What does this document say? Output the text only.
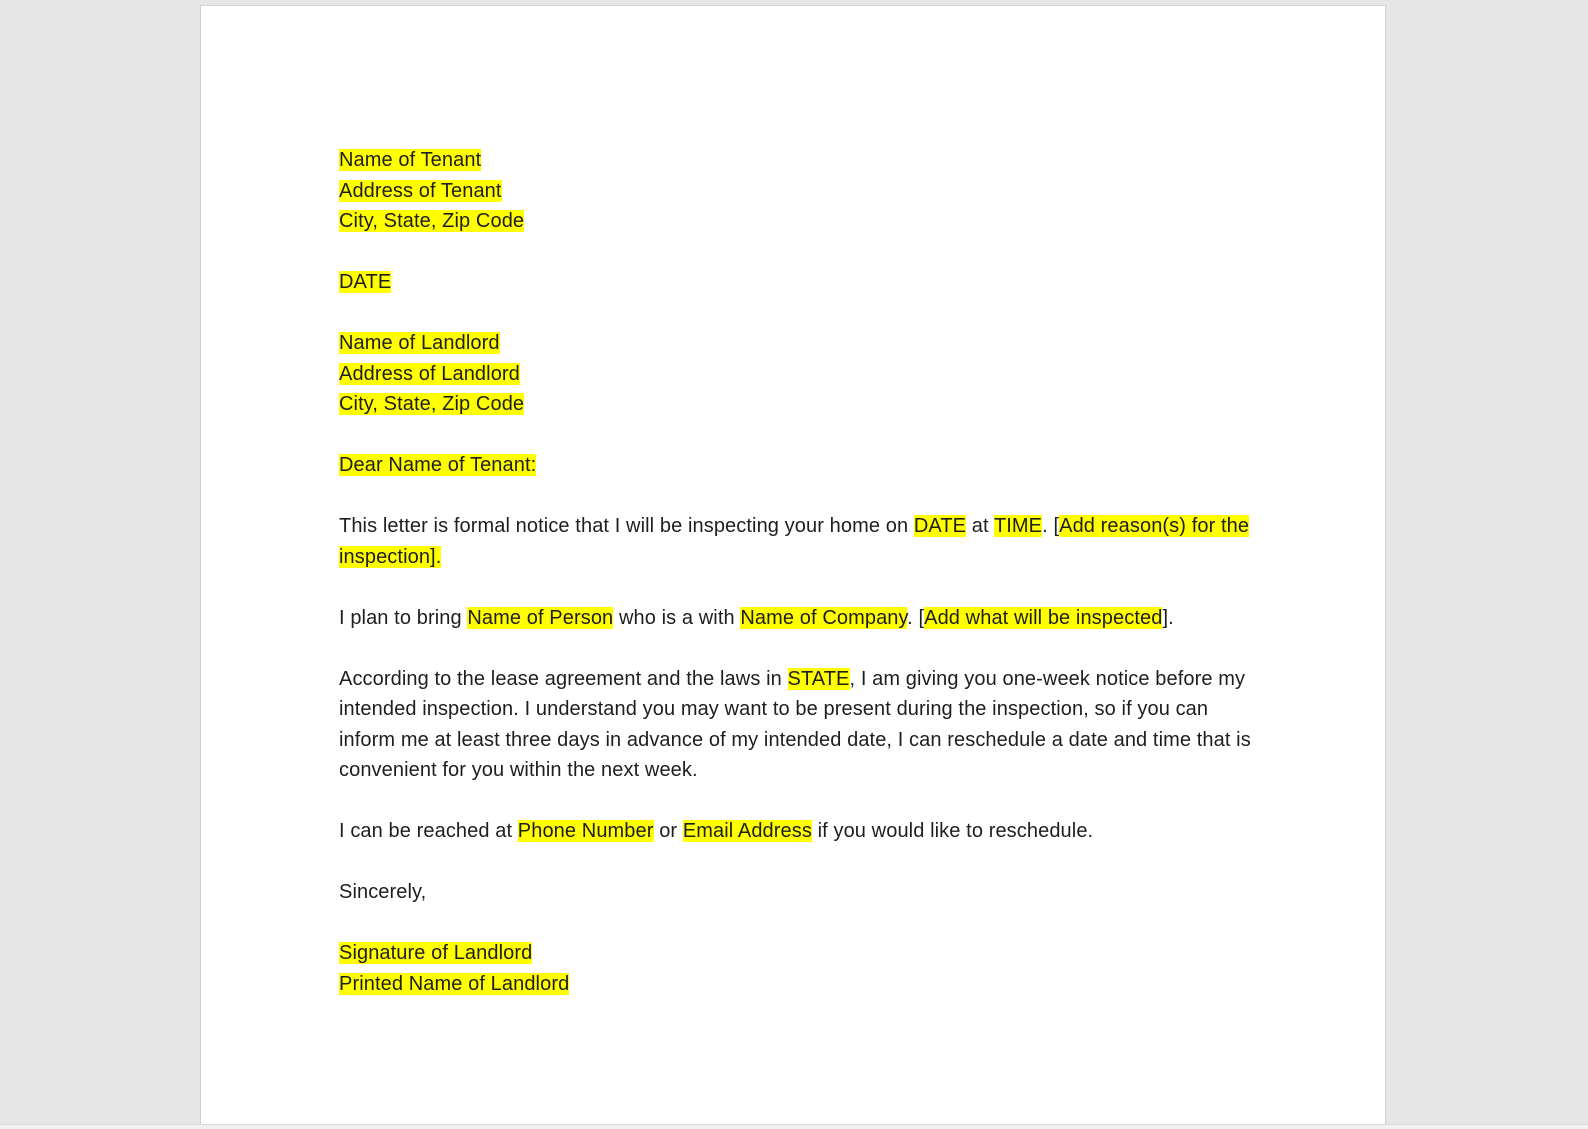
Name of Tenant
Address of Tenant
City, State, Zip Code

DATE

Name of Landlord
Address of Landlord
City, State, Zip Code

Dear Name of Tenant:

This letter is formal notice that I will be inspecting your home on DATE at TIME. [Add reason(s) for the inspection].

I plan to bring Name of Person who is a with Name of Company. [Add what will be inspected].

According to the lease agreement and the laws in STATE, I am giving you one-week notice before my intended inspection. I understand you may want to be present during the inspection, so if you can inform me at least three days in advance of my intended date, I can reschedule a date and time that is convenient for you within the next week.

I can be reached at Phone Number or Email Address if you would like to reschedule.

Sincerely,

Signature of Landlord
Printed Name of Landlord
